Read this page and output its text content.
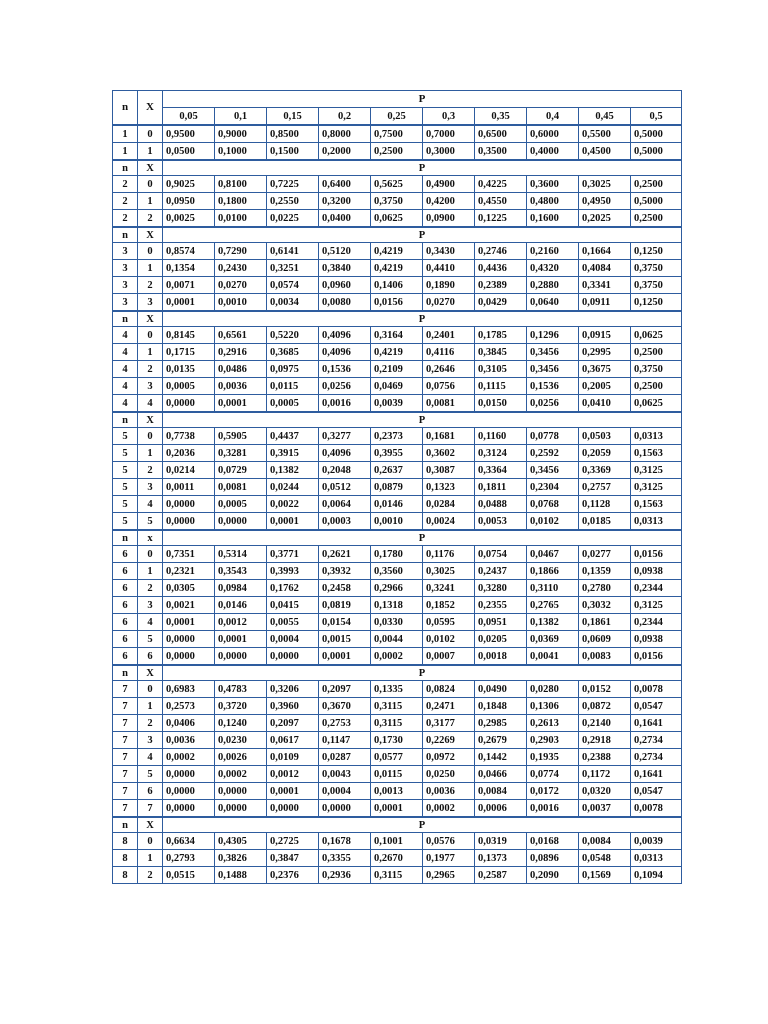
n	X	P									
		0,05	0,1	0,15	0,2	0,25	0,3	0,35	0,4	0,45	0,5
1	0	0,9500	0,9000	0,8500	0,8000	0,7500	0,7000	0,6500	0,6000	0,5500	0,5000
1	1	0,0500	0,1000	0,1500	0,2000	0,2500	0,3000	0,3500	0,4000	0,4500	0,5000
n	X	P									
2	0	0,9025	0,8100	0,7225	0,6400	0,5625	0,4900	0,4225	0,3600	0,3025	0,2500
2	1	0,0950	0,1800	0,2550	0,3200	0,3750	0,4200	0,4550	0,4800	0,4950	0,5000
2	2	0,0025	0,0100	0,0225	0,0400	0,0625	0,0900	0,1225	0,1600	0,2025	0,2500
n	X	P									
3	0	0,8574	0,7290	0,6141	0,5120	0,4219	0,3430	0,2746	0,2160	0,1664	0,1250
3	1	0,1354	0,2430	0,3251	0,3840	0,4219	0,4410	0,4436	0,4320	0,4084	0,3750
3	2	0,0071	0,0270	0,0574	0,0960	0,1406	0,1890	0,2389	0,2880	0,3341	0,3750
3	3	0,0001	0,0010	0,0034	0,0080	0,0156	0,0270	0,0429	0,0640	0,0911	0,1250
n	X	P									
4	0	0,8145	0,6561	0,5220	0,4096	0,3164	0,2401	0,1785	0,1296	0,0915	0,0625
4	1	0,1715	0,2916	0,3685	0,4096	0,4219	0,4116	0,3845	0,3456	0,2995	0,2500
4	2	0,0135	0,0486	0,0975	0,1536	0,2109	0,2646	0,3105	0,3456	0,3675	0,3750
4	3	0,0005	0,0036	0,0115	0,0256	0,0469	0,0756	0,1115	0,1536	0,2005	0,2500
4	4	0,0000	0,0001	0,0005	0,0016	0,0039	0,0081	0,0150	0,0256	0,0410	0,0625
n	X	P									
5	0	0,7738	0,5905	0,4437	0,3277	0,2373	0,1681	0,1160	0,0778	0,0503	0,0313
5	1	0,2036	0,3281	0,3915	0,4096	0,3955	0,3602	0,3124	0,2592	0,2059	0,1563
5	2	0,0214	0,0729	0,1382	0,2048	0,2637	0,3087	0,3364	0,3456	0,3369	0,3125
5	3	0,0011	0,0081	0,0244	0,0512	0,0879	0,1323	0,1811	0,2304	0,2757	0,3125
5	4	0,0000	0,0005	0,0022	0,0064	0,0146	0,0284	0,0488	0,0768	0,1128	0,1563
5	5	0,0000	0,0000	0,0001	0,0003	0,0010	0,0024	0,0053	0,0102	0,0185	0,0313
n	x	P									
6	0	0,7351	0,5314	0,3771	0,2621	0,1780	0,1176	0,0754	0,0467	0,0277	0,0156
6	1	0,2321	0,3543	0,3993	0,3932	0,3560	0,3025	0,2437	0,1866	0,1359	0,0938
6	2	0,0305	0,0984	0,1762	0,2458	0,2966	0,3241	0,3280	0,3110	0,2780	0,2344
6	3	0,0021	0,0146	0,0415	0,0819	0,1318	0,1852	0,2355	0,2765	0,3032	0,3125
6	4	0,0001	0,0012	0,0055	0,0154	0,0330	0,0595	0,0951	0,1382	0,1861	0,2344
6	5	0,0000	0,0001	0,0004	0,0015	0,0044	0,0102	0,0205	0,0369	0,0609	0,0938
6	6	0,0000	0,0000	0,0000	0,0001	0,0002	0,0007	0,0018	0,0041	0,0083	0,0156
n	X	P									
7	0	0,6983	0,4783	0,3206	0,2097	0,1335	0,0824	0,0490	0,0280	0,0152	0,0078
7	1	0,2573	0,3720	0,3960	0,3670	0,3115	0,2471	0,1848	0,1306	0,0872	0,0547
7	2	0,0406	0,1240	0,2097	0,2753	0,3115	0,3177	0,2985	0,2613	0,2140	0,1641
7	3	0,0036	0,0230	0,0617	0,1147	0,1730	0,2269	0,2679	0,2903	0,2918	0,2734
7	4	0,0002	0,0026	0,0109	0,0287	0,0577	0,0972	0,1442	0,1935	0,2388	0,2734
7	5	0,0000	0,0002	0,0012	0,0043	0,0115	0,0250	0,0466	0,0774	0,1172	0,1641
7	6	0,0000	0,0000	0,0001	0,0004	0,0013	0,0036	0,0084	0,0172	0,0320	0,0547
7	7	0,0000	0,0000	0,0000	0,0000	0,0001	0,0002	0,0006	0,0016	0,0037	0,0078
n	X	P									
8	0	0,6634	0,4305	0,2725	0,1678	0,1001	0,0576	0,0319	0,0168	0,0084	0,0039
8	1	0,2793	0,3826	0,3847	0,3355	0,2670	0,1977	0,1373	0,0896	0,0548	0,0313
8	2	0,0515	0,1488	0,2376	0,2936	0,3115	0,2965	0,2587	0,2090	0,1569	0,1094
